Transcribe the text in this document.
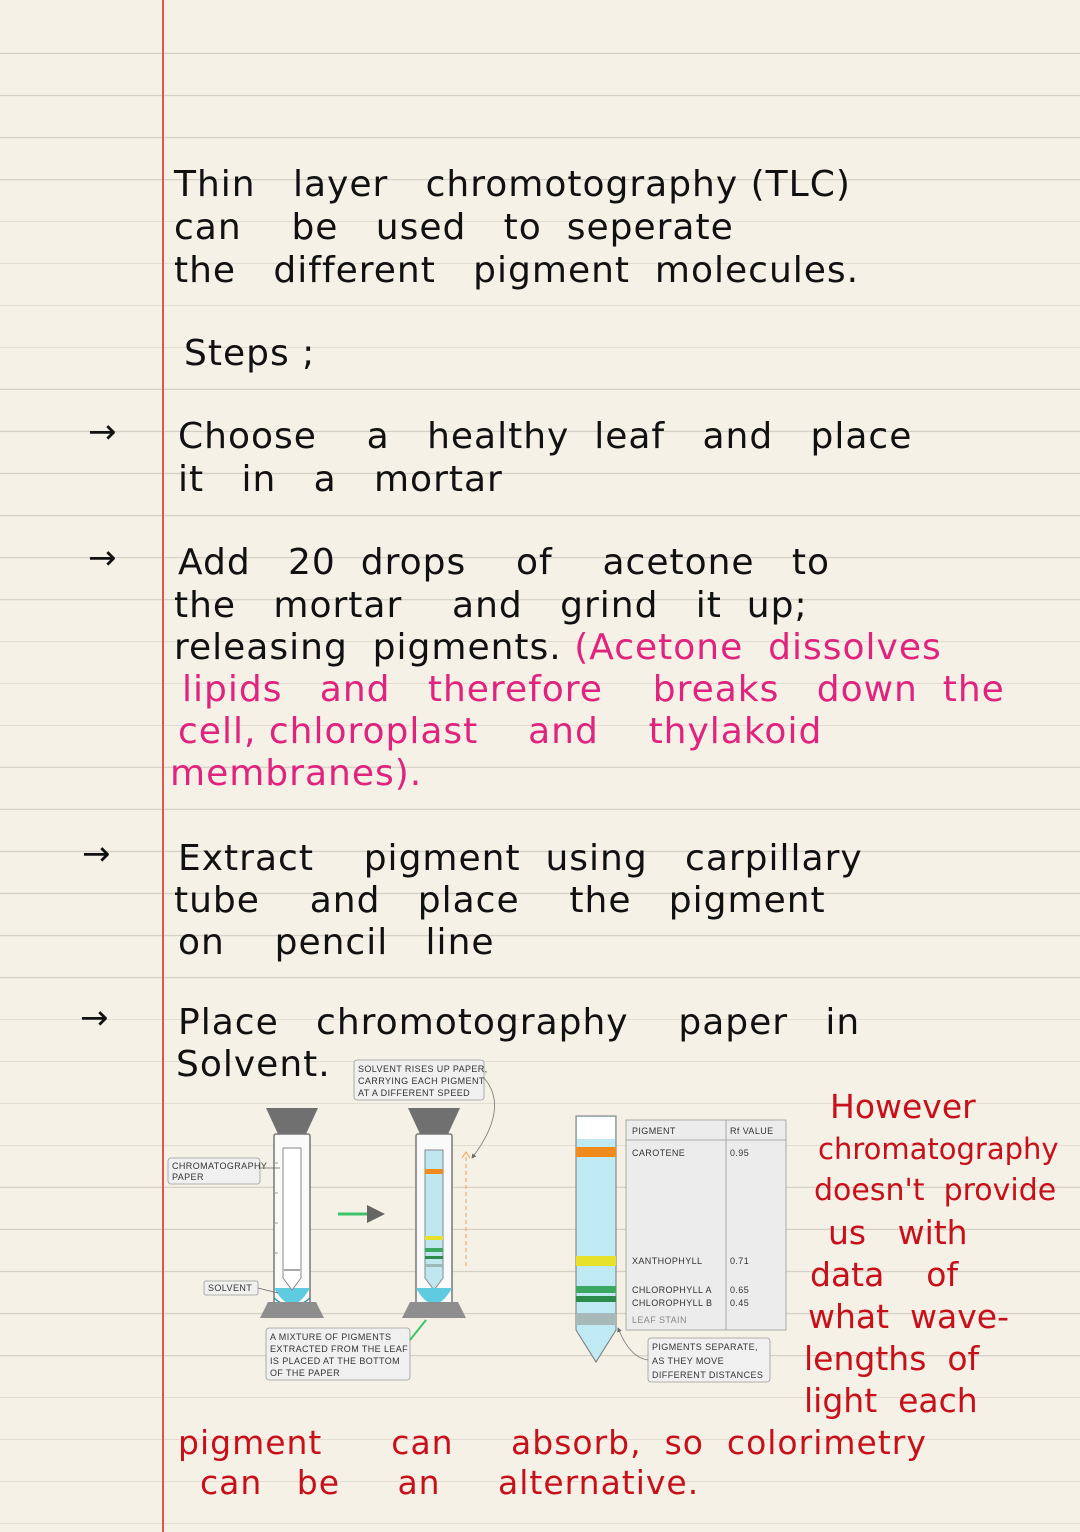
Thin   layer   chromotography (TLC)
can    be   used   to  seperate
the   different   pigment  molecules.
Steps ;
→ Choose    a   healthy  leaf   and   place
it   in   a   mortar
→ Add   20  drops    of    acetone   to
the   mortar    and   grind   it  up;
releasing  pigments. (Acetone  dissolves
lipids   and   therefore    breaks   down  the
cell, chloroplast    and    thylakoid
membranes).
→ Extract    pigment  using   carpillary
tube    and   place    the   pigment
on    pencil   line
→ Place   chromotography    paper   in
Solvent.
CHROMATOGRAPHY
PAPER
SOLVENT
SOLVENT RISES UP PAPER,
CARRYING EACH PIGMENT
AT A DIFFERENT SPEED
A MIXTURE OF PIGMENTS
EXTRACTED FROM THE LEAF
IS PLACED AT THE BOTTOM
OF THE PAPER
PIGMENT	Rf VALUE
CAROTENE	0.95
XANTHOPHYLL	0.71
CHLOROPHYLL A 0.65
CHLOROPHYLL B 0.45
LEAF STAIN
PIGMENTS SEPARATE,
AS THEY MOVE
DIFFERENT DISTANCES
However
chromatography
doesn't  provide
us   with
data    of
what  wave-
lengths  of
light  each
pigment      can     absorb,  so  colorimetry
can   be     an     alternative.
